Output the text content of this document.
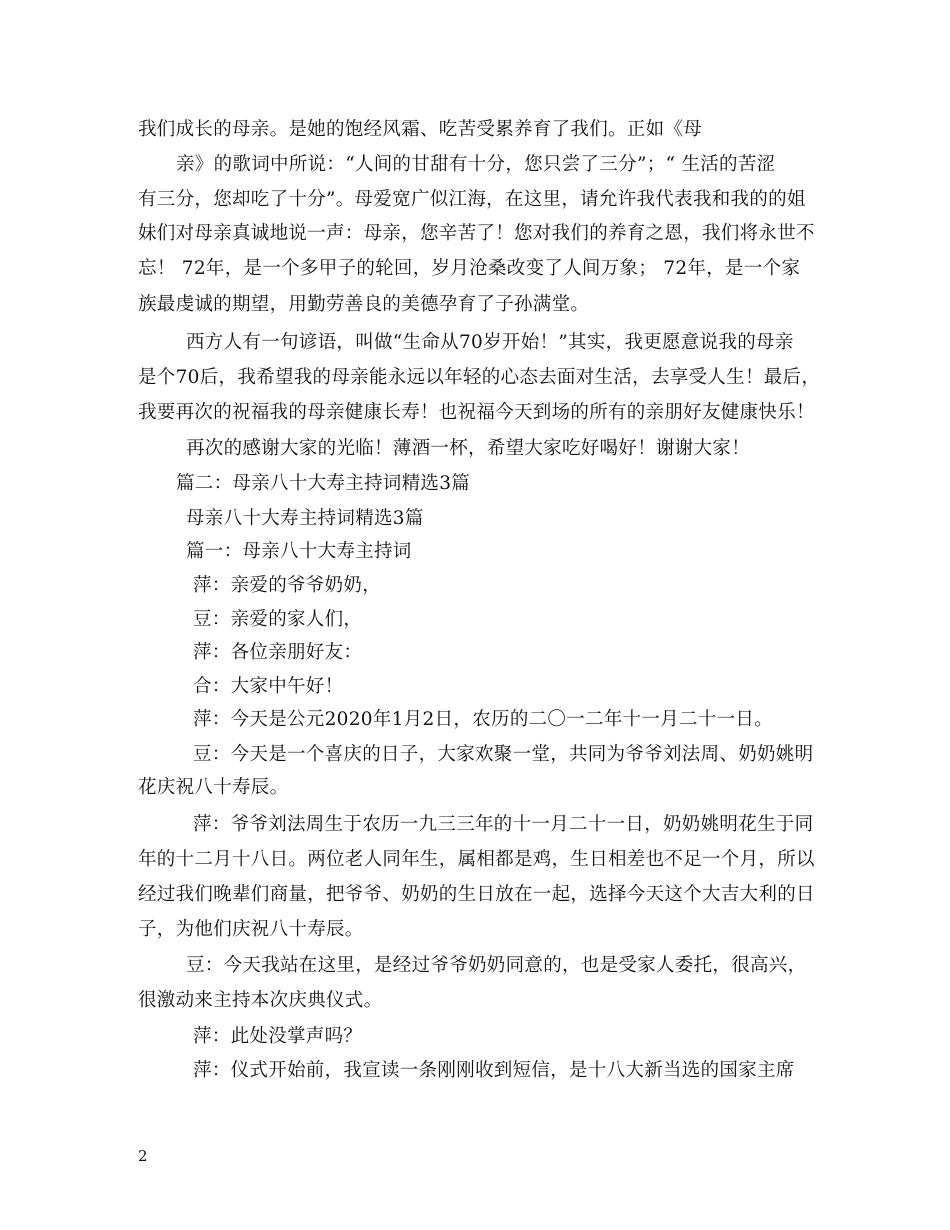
我们成长的母亲。是她的饱经风霜、吃苦受累养育了我们。正如《母
亲》的歌词中所说：“人间的甘甜有十分，您只尝了三分”；“ 生活的苦涩
有三分，您却吃了十分”。母爱宽广似江海，在这里，请允许我代表我和我的的姐
妹们对母亲真诚地说一声：母亲，您辛苦了！您对我们的养育之恩，我们将永世不
忘！ 72年，是一个多甲子的轮回，岁月沧桑改变了人间万象； 72年，是一个家
族最虔诚的期望，用勤劳善良的美德孕育了子孙满堂。
西方人有一句谚语，叫做“生命从70岁开始！”其实，我更愿意说我的母亲
是个70后，我希望我的母亲能永远以年轻的心态去面对生活，去享受人生！最后，
我要再次的祝福我的母亲健康长寿！也祝福今天到场的所有的亲朋好友健康快乐！
再次的感谢大家的光临！薄酒一杯，希望大家吃好喝好！谢谢大家！
篇二：母亲八十大寿主持词精选3篇
母亲八十大寿主持词精选3篇
篇一：母亲八十大寿主持词
萍：亲爱的爷爷奶奶，
豆：亲爱的家人们，
萍：各位亲朋好友：
合：大家中午好！
萍：今天是公元2020年1月2日，农历的二〇一二年十一月二十一日。
豆：今天是一个喜庆的日子，大家欢聚一堂，共同为爷爷刘法周、奶奶姚明
花庆祝八十寿辰。
萍：爷爷刘法周生于农历一九三三年的十一月二十一日，奶奶姚明花生于同
年的十二月十八日。两位老人同年生，属相都是鸡，生日相差也不足一个月，所以
经过我们晚辈们商量，把爷爷、奶奶的生日放在一起，选择今天这个大吉大利的日
子，为他们庆祝八十寿辰。
豆：今天我站在这里，是经过爷爷奶奶同意的，也是受家人委托，很高兴，
很激动来主持本次庆典仪式。
萍：此处没掌声吗？
萍：仪式开始前，我宣读一条刚刚收到短信，是十八大新当选的国家主席
2
